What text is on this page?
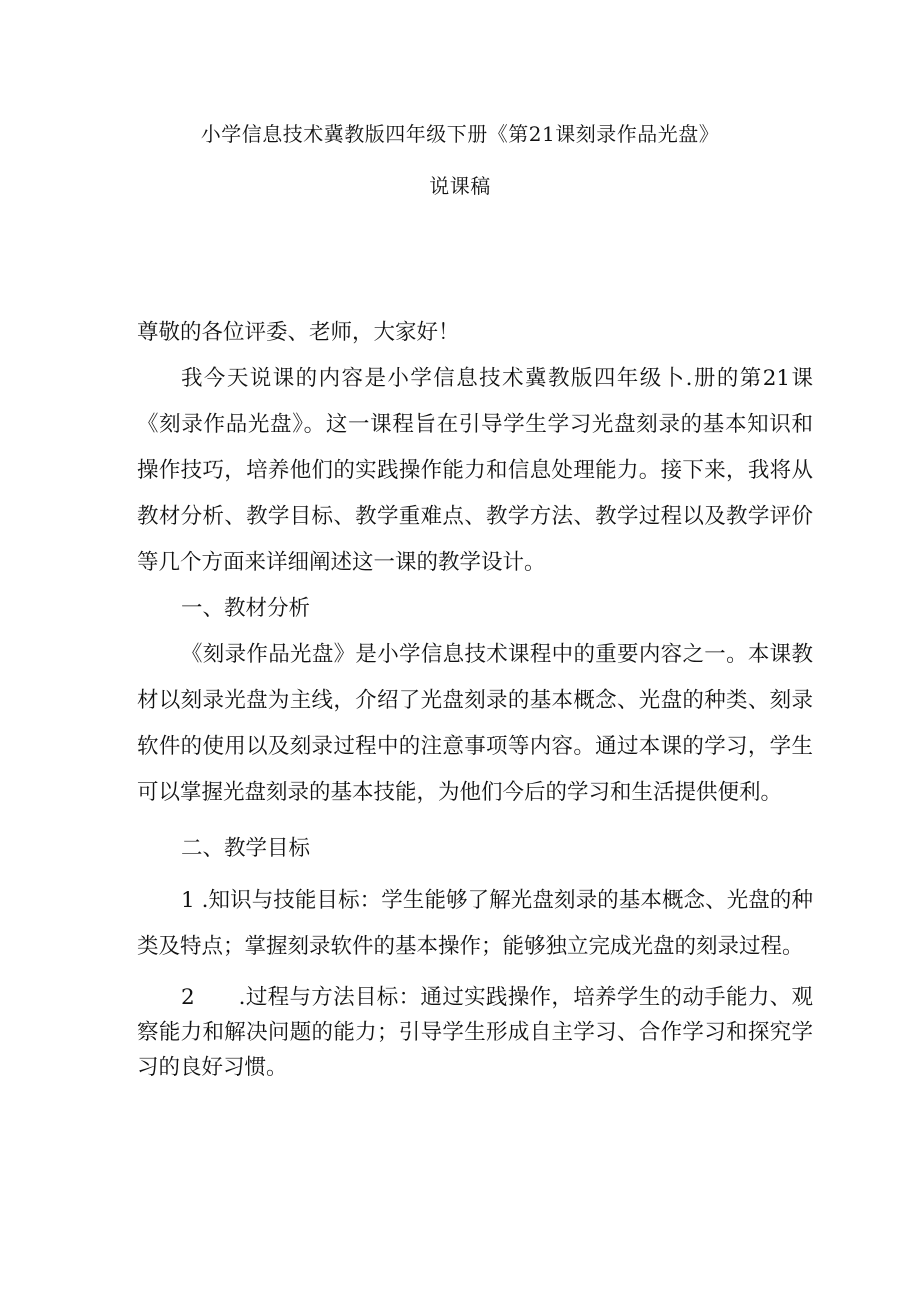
小学信息技术冀教版四年级下册《第21课刻录作品光盘》
说课稿

尊敬的各位评委、老师，大家好！

我今天说课的内容是小学信息技术冀教版四年级卜.册的第21课《刻录作品光盘》。这一课程旨在引导学生学习光盘刻录的基本知识和操作技巧，培养他们的实践操作能力和信息处理能力。接下来，我将从教材分析、教学目标、教学重难点、教学方法、教学过程以及教学评价等几个方面来详细阐述这一课的教学设计。

一、教材分析

《刻录作品光盘》是小学信息技术课程中的重要内容之一。本课教材以刻录光盘为主线，介绍了光盘刻录的基本概念、光盘的种类、刻录软件的使用以及刻录过程中的注意事项等内容。通过本课的学习，学生可以掌握光盘刻录的基本技能，为他们今后的学习和生活提供便利。

二、教学目标

1 .知识与技能目标：学生能够了解光盘刻录的基本概念、光盘的种类及特点；掌握刻录软件的基本操作；能够独立完成光盘的刻录过程。

2　　.过程与方法目标：通过实践操作，培养学生的动手能力、观察能力和解决问题的能力；引导学生形成自主学习、合作学习和探究学习的良好习惯。
